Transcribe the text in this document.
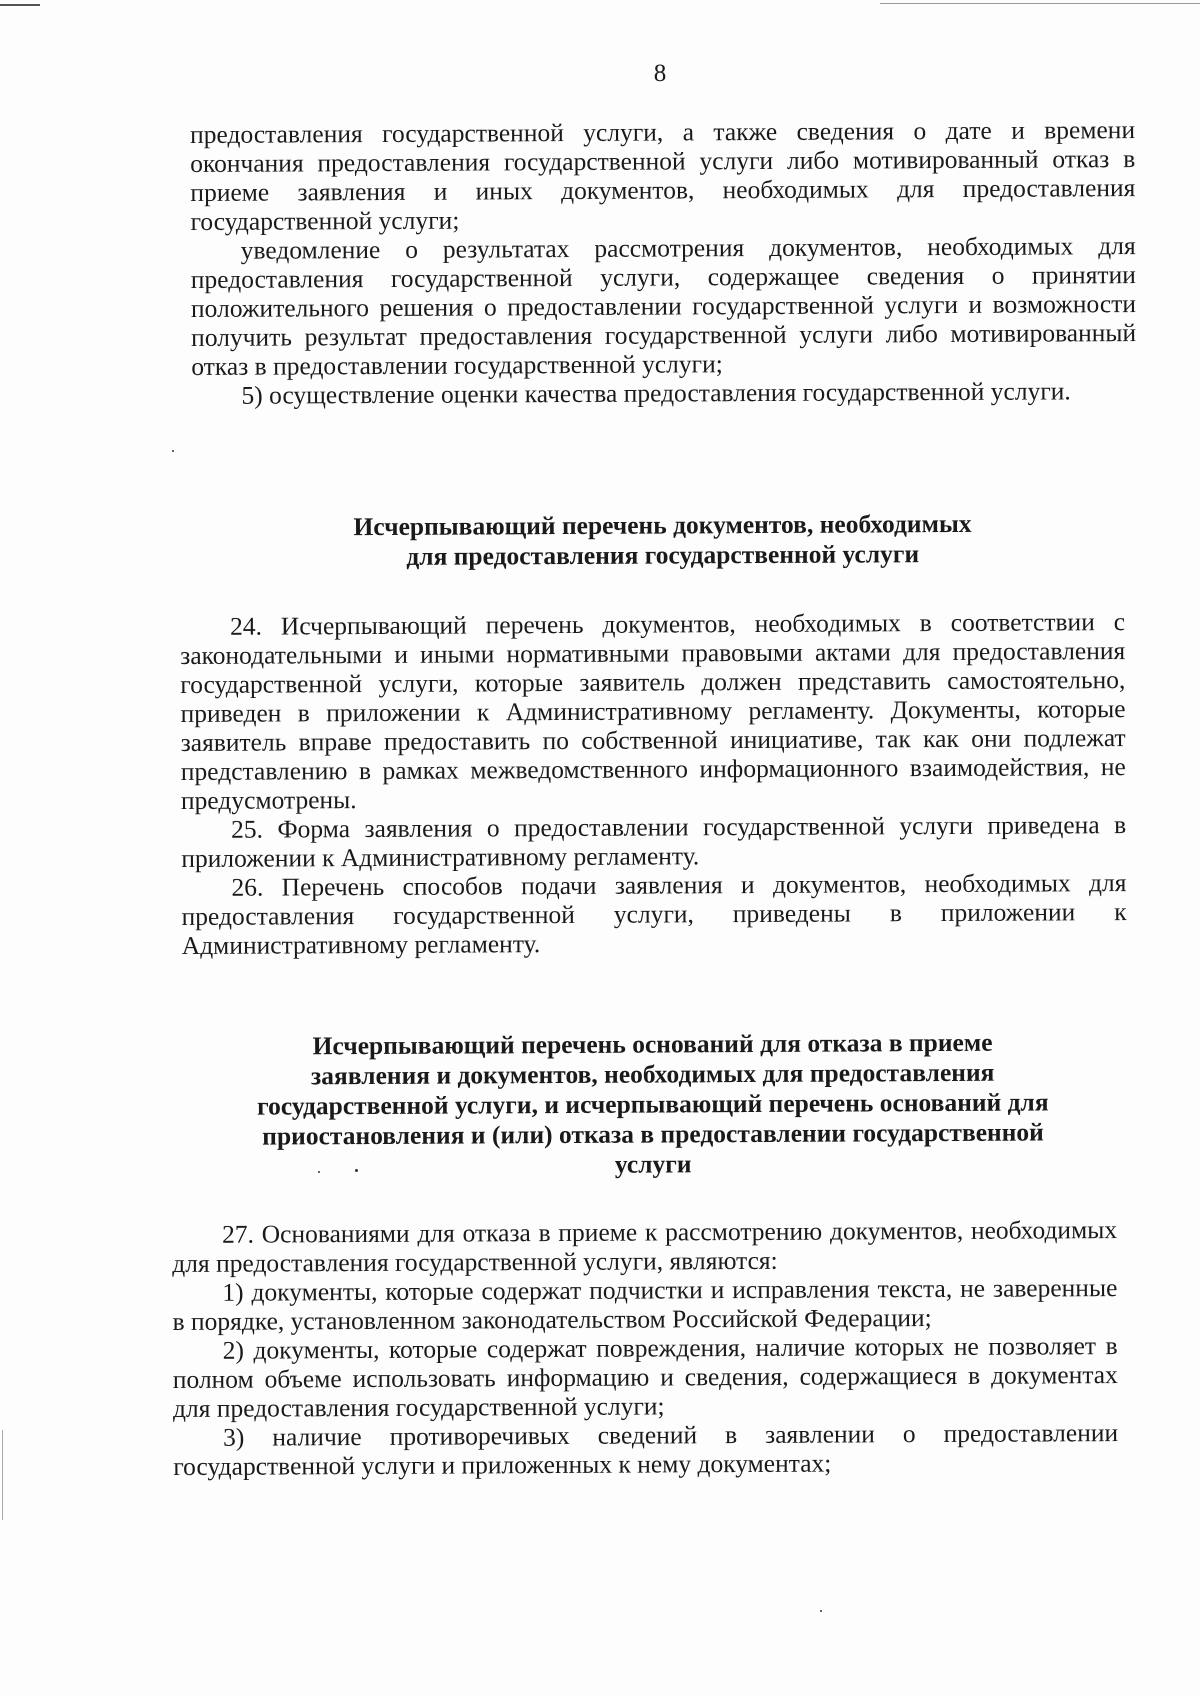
8

предоставления государственной услуги, а также сведения о дате и времени окончания предоставления государственной услуги либо мотивированный отказ в приеме заявления и иных документов, необходимых для предоставления государственной услуги;

уведомление о результатах рассмотрения документов, необходимых для предоставления государственной услуги, содержащее сведения о принятии положительного решения о предоставлении государственной услуги и возможности получить результат предоставления государственной услуги либо мотивированный отказ в предоставлении государственной услуги;

5) осуществление оценки качества предоставления государственной услуги.

Исчерпывающий перечень документов, необходимых
для предоставления государственной услуги

24. Исчерпывающий перечень документов, необходимых в соответствии с законодательными и иными нормативными правовыми актами для предоставления государственной услуги, которые заявитель должен представить самостоятельно, приведен в приложении к Административному регламенту. Документы, которые заявитель вправе предоставить по собственной инициативе, так как они подлежат представлению в рамках межведомственного информационного взаимодействия, не предусмотрены.

25. Форма заявления о предоставлении государственной услуги приведена в приложении к Административному регламенту.

26. Перечень способов подачи заявления и документов, необходимых для предоставления государственной услуги, приведены в приложении к Административному регламенту.

Исчерпывающий перечень оснований для отказа в приеме
заявления и документов, необходимых для предоставления
государственной услуги, и исчерпывающий перечень оснований для
приостановления и (или) отказа в предоставлении государственной
услуги

27. Основаниями для отказа в приеме к рассмотрению документов, необходимых для предоставления государственной услуги, являются:

1) документы, которые содержат подчистки и исправления текста, не заверенные в порядке, установленном законодательством Российской Федерации;

2) документы, которые содержат повреждения, наличие которых не позволяет в полном объеме использовать информацию и сведения, содержащиеся в документах для предоставления государственной услуги;

3) наличие противоречивых сведений в заявлении о предоставлении государственной услуги и приложенных к нему документах;
